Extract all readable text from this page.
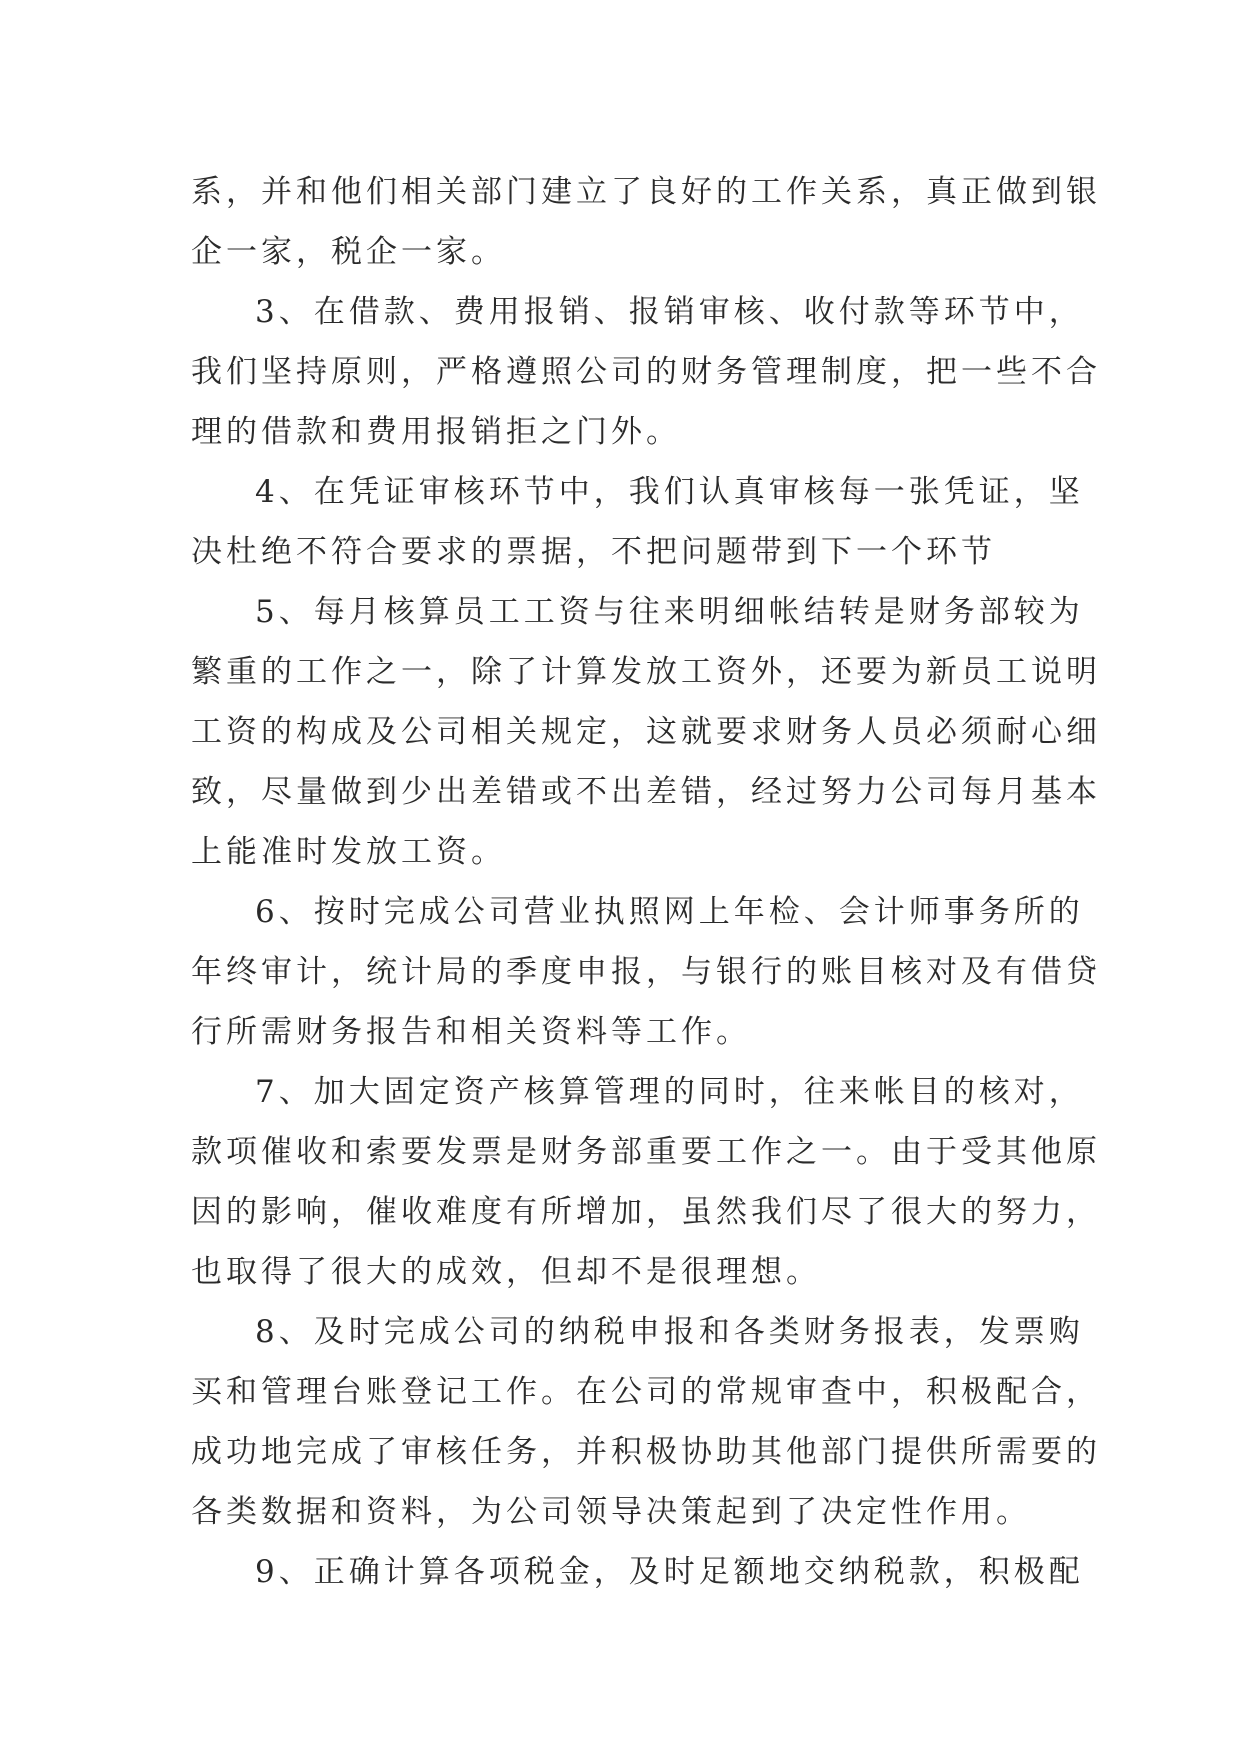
系，并和他们相关部门建立了良好的工作关系，真正做到银
企一家，税企一家。
3、在借款、费用报销、报销审核、收付款等环节中，
我们坚持原则，严格遵照公司的财务管理制度，把一些不合
理的借款和费用报销拒之门外。
4、在凭证审核环节中，我们认真审核每一张凭证，坚
决杜绝不符合要求的票据，不把问题带到下一个环节
5、每月核算员工工资与往来明细帐结转是财务部较为
繁重的工作之一，除了计算发放工资外，还要为新员工说明
工资的构成及公司相关规定，这就要求财务人员必须耐心细
致，尽量做到少出差错或不出差错，经过努力公司每月基本
上能准时发放工资。
6、按时完成公司营业执照网上年检、会计师事务所的
年终审计，统计局的季度申报，与银行的账目核对及有借贷
行所需财务报告和相关资料等工作。
7、加大固定资产核算管理的同时，往来帐目的核对，
款项催收和索要发票是财务部重要工作之一。由于受其他原
因的影响，催收难度有所增加，虽然我们尽了很大的努力，
也取得了很大的成效，但却不是很理想。
8、及时完成公司的纳税申报和各类财务报表，发票购
买和管理台账登记工作。在公司的常规审查中，积极配合，
成功地完成了审核任务，并积极协助其他部门提供所需要的
各类数据和资料，为公司领导决策起到了决定性作用。
9、正确计算各项税金，及时足额地交纳税款，积极配
